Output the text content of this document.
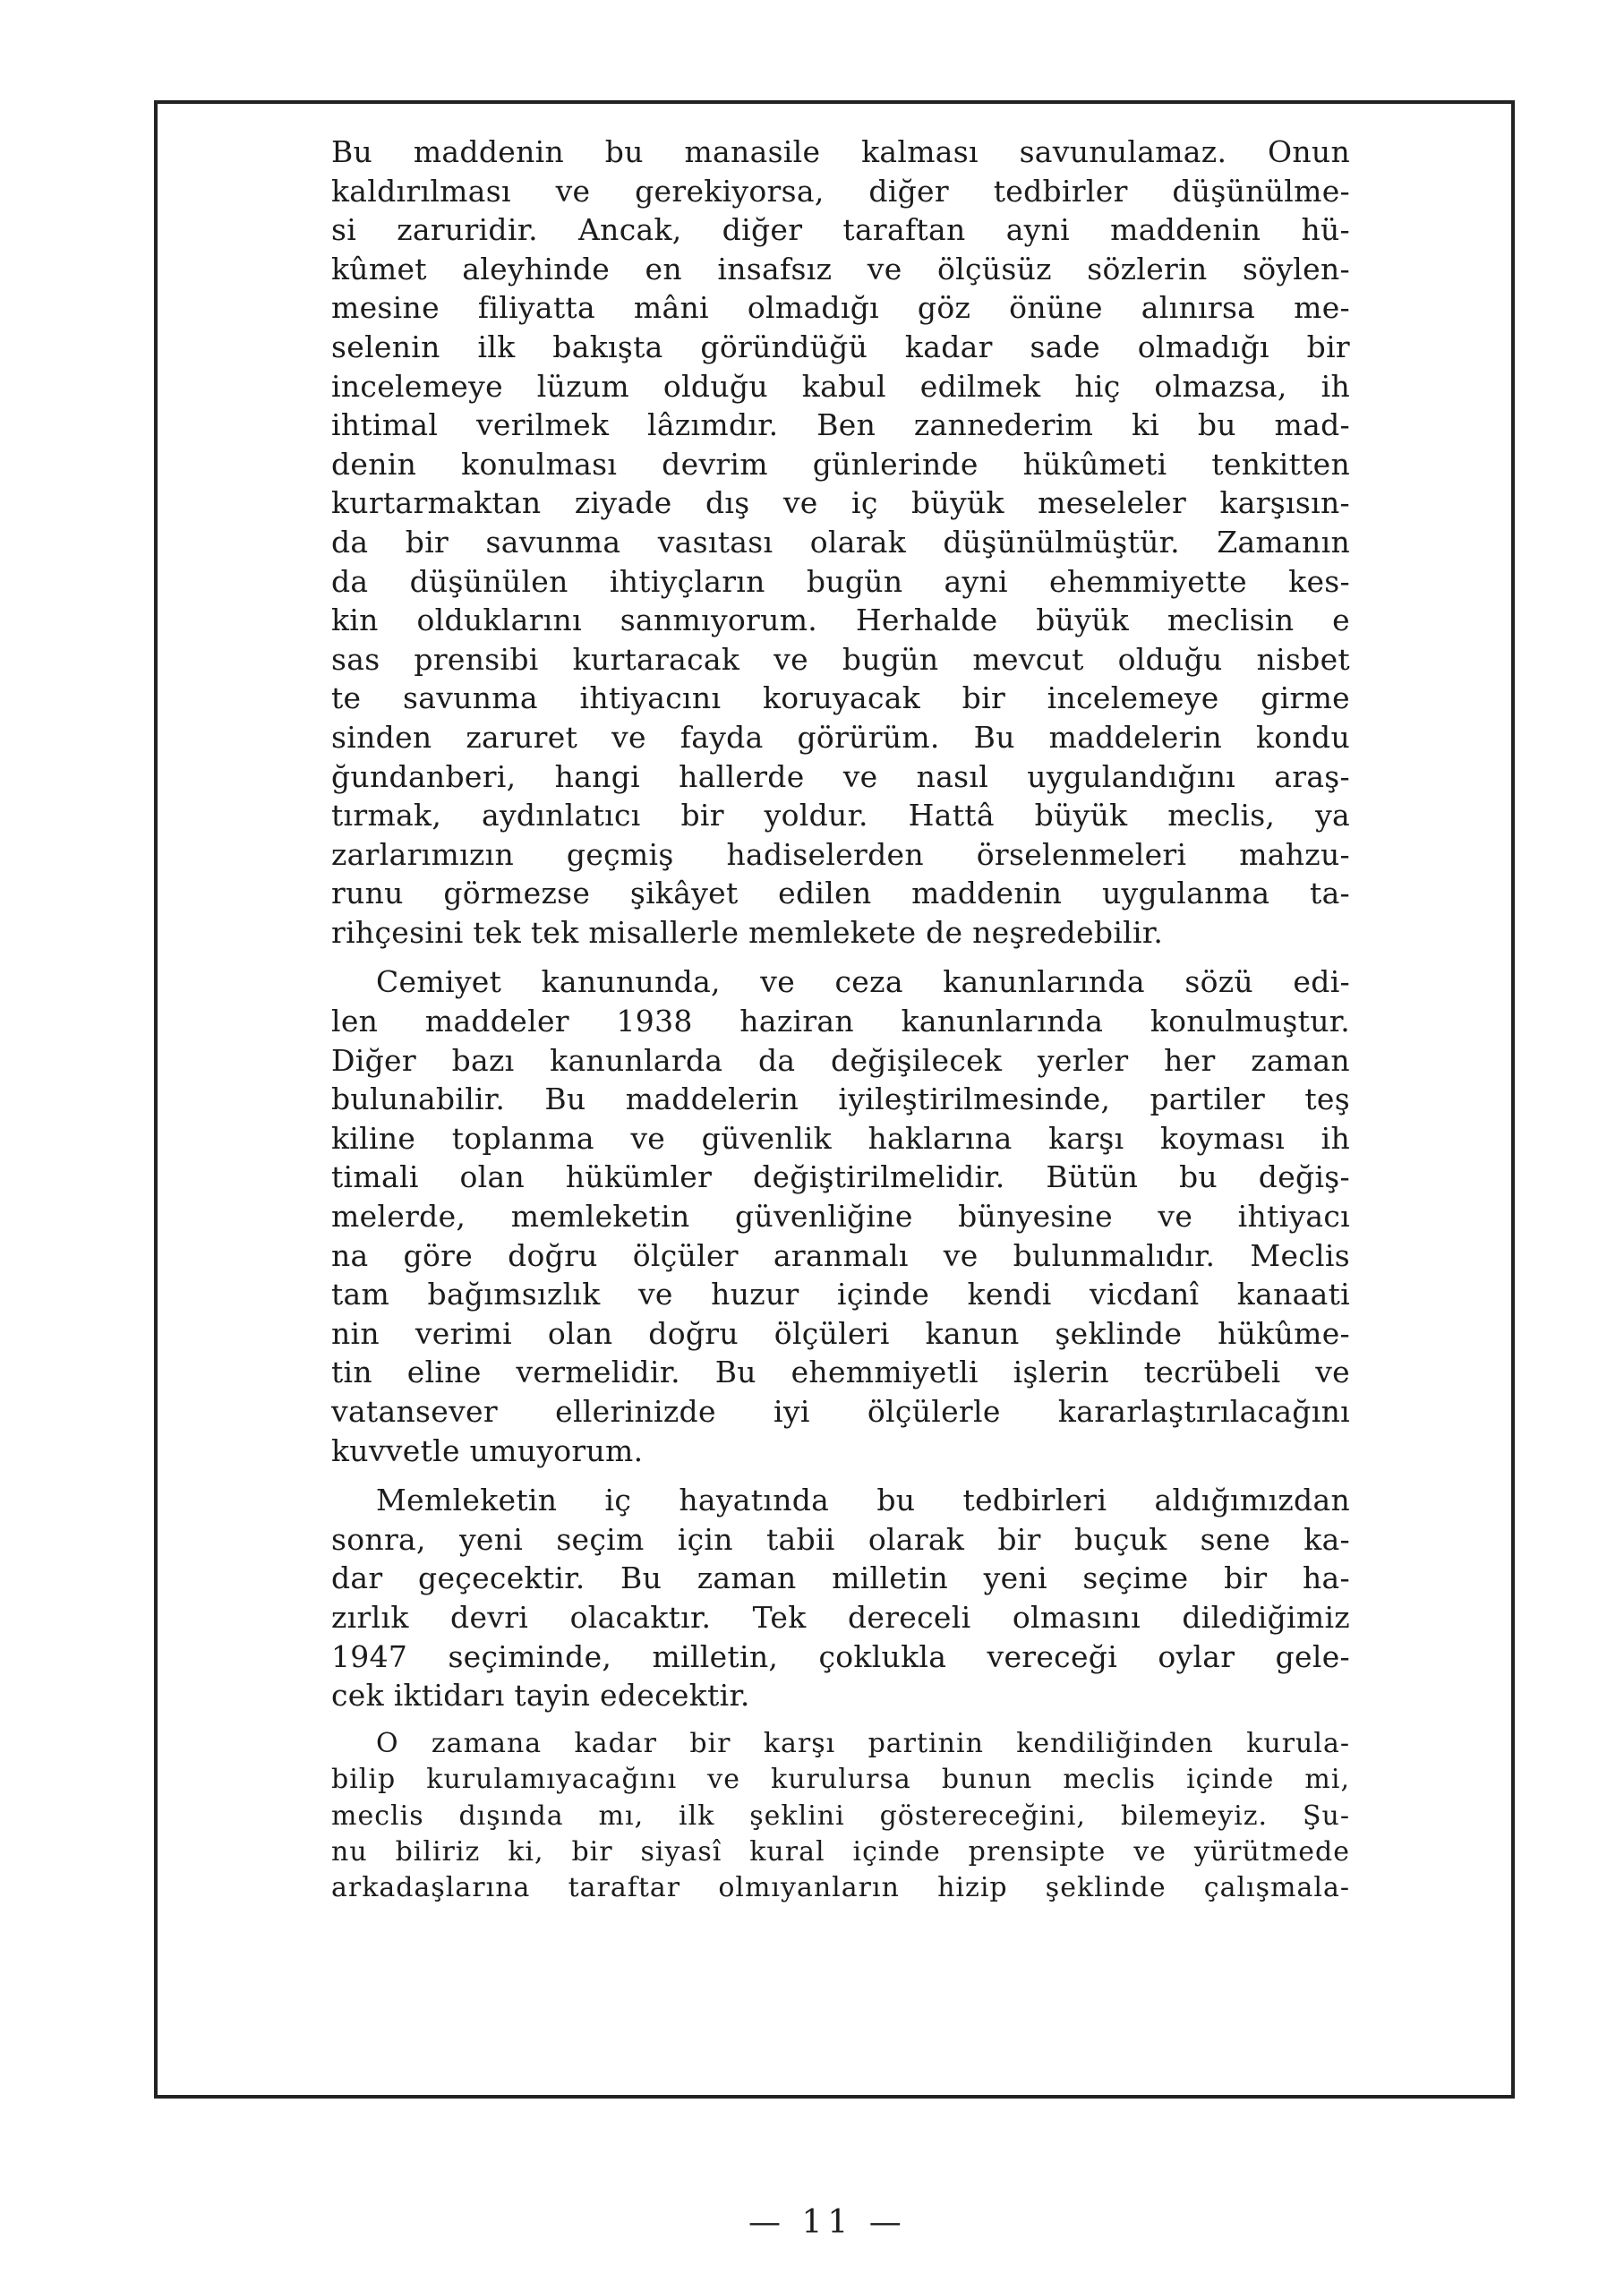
Bu maddenin bu manasile kalması savunulamaz. Onun
kaldırılması ve gerekiyorsa, diğer tedbirler düşünülme-
si zaruridir. Ancak, diğer taraftan ayni maddenin hü-
kûmet aleyhinde en insafsız ve ölçüsüz sözlerin söylen-
mesine filiyatta mâni olmadığı göz önüne alınırsa me-
selenin ilk bakışta göründüğü kadar sade olmadığı bir
incelemeye lüzum olduğu kabul edilmek hiç olmazsa, ih
ihtimal verilmek lâzımdır. Ben zannederim ki bu mad-
denin konulması devrim günlerinde hükûmeti tenkitten
kurtarmaktan ziyade dış ve iç büyük meseleler karşısın-
da bir savunma vasıtası olarak düşünülmüştür. Zamanın
da düşünülen ihtiyçların bugün ayni ehemmiyette kes-
kin olduklarını sanmıyorum. Herhalde büyük meclisin e
sas prensibi kurtaracak ve bugün mevcut olduğu nisbet
te savunma ihtiyacını koruyacak bir incelemeye girme
sinden zaruret ve fayda görürüm. Bu maddelerin kondu
ğundanberi, hangi hallerde ve nasıl uygulandığını araş-
tırmak, aydınlatıcı bir yoldur. Hattâ büyük meclis, ya
zarlarımızın geçmiş hadiselerden örselenmeleri mahzu-
runu görmezse şikâyet edilen maddenin uygulanma ta-
rihçesini tek tek misallerle memlekete de neşredebilir.

Cemiyet kanununda, ve ceza kanunlarında sözü edi-
len maddeler 1938 haziran kanunlarında konulmuştur.
Diğer bazı kanunlarda da değişilecek yerler her zaman
bulunabilir. Bu maddelerin iyileştirilmesinde, partiler teş
kiline toplanma ve güvenlik haklarına karşı koyması ih
timali olan hükümler değiştirilmelidir. Bütün bu değiş-
melerde, memleketin güvenliğine bünyesine ve ihtiyacı
na göre doğru ölçüler aranmalı ve bulunmalıdır. Meclis
tam bağımsızlık ve huzur içinde kendi vicdanî kanaati
nin verimi olan doğru ölçüleri kanun şeklinde hükûme-
tin eline vermelidir. Bu ehemmiyetli işlerin tecrübeli ve
vatansever ellerinizde iyi ölçülerle kararlaştırılacağını
kuvvetle umuyorum.

Memleketin iç hayatında bu tedbirleri aldığımızdan
sonra, yeni seçim için tabii olarak bir buçuk sene ka-
dar geçecektir. Bu zaman milletin yeni seçime bir ha-
zırlık devri olacaktır. Tek dereceli olmasını dilediğimiz
1947 seçiminde, milletin, çoklukla vereceği oylar gele-
cek iktidarı tayin edecektir.

O zamana kadar bir karşı partinin kendiliğinden kurula-
bilip kurulamıyacağını ve kurulursa bunun meclis içinde mi,
meclis dışında mı, ilk şeklini göstereceğini, bilemeyiz. Şu-
nu biliriz ki, bir siyasî kural içinde prensipte ve yürütmede
arkadaşlarına taraftar olmıyanların hizip şeklinde çalışmala-

— 11 —
